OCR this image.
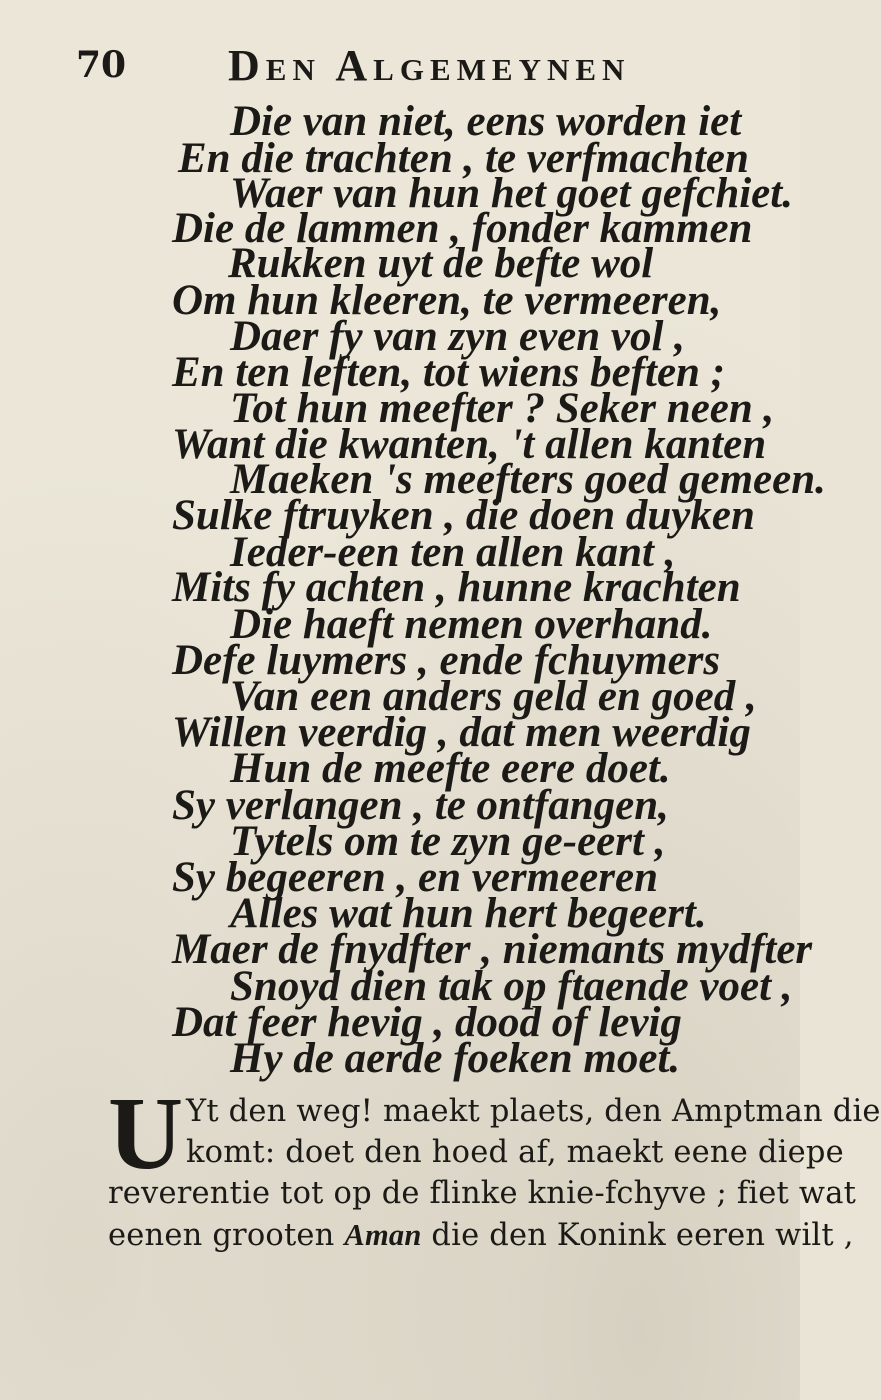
70 Den Algemeynen
Die van niet, eens worden iet
En die trachten , te verfmachten
Waer van hun het goet gefchiet.
Die de lammen , fonder kammen
Rukken uyt de befte wol
Om hun kleeren, te vermeeren,
Daer fy van zyn even vol ,
En ten leften, tot wiens beften ;
Tot hun meefter ? Seker neen ,
Want die kwanten, 't allen kanten
Maeken 's meefters goed gemeen.
Sulke ftruyken , die doen duyken
Ieder-een ten allen kant ,
Mits fy achten , hunne krachten
Die haeft nemen overhand.
Defe luymers , ende fchuymers
Van een anders geld en goed ,
Willen veerdig , dat men weerdig
Hun de meefte eere doet.
Sy verlangen , te ontfangen,
Tytels om te zyn ge-eert ,
Sy begeeren , en vermeeren
Alles wat hun hert begeert.
Maer de fnydfter , niemants mydfter
Snoyd dien tak op ftaende voet ,
Dat feer hevig , dood of levig
Hy de aerde foeken moet.
U Yt den weg! maekt plaets, den Amptman die
komt: doet den hoed af, maekt eene diepe
reverentie tot op de flinke knie-fchyve ; fiet wat
eenen grooten Aman die den Konink eeren wilt ,
